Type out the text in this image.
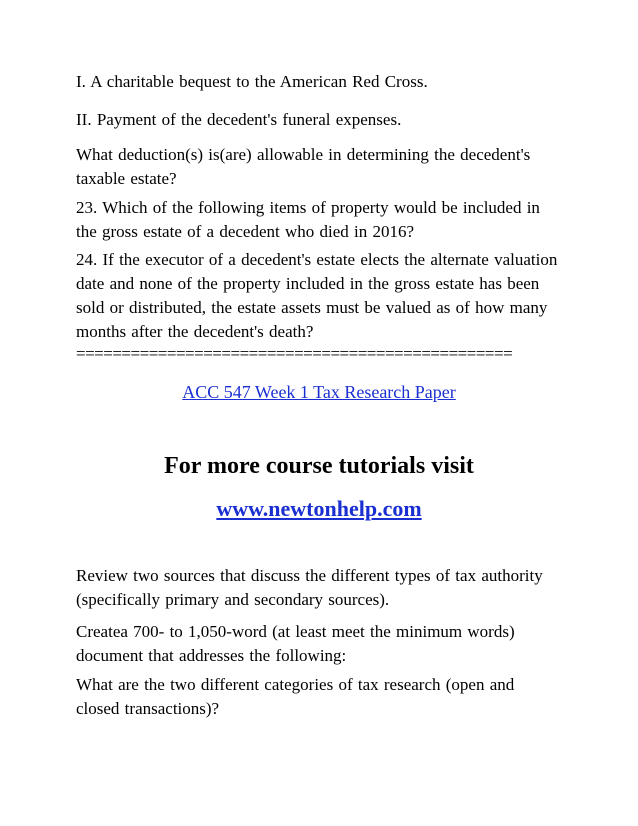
I. A charitable bequest to the American Red Cross.

II. Payment of the decedent's funeral expenses.

What deduction(s) is(are) allowable in determining the decedent's taxable estate?

23. Which of the following items of property would be included in the gross estate of a decedent who died in 2016?

24. If the executor of a decedent's estate elects the alternate valuation date and none of the property included in the gross estate has been sold or distributed, the estate assets must be valued as of how many months after the decedent's death?

================================================

ACC 547 Week 1 Tax Research Paper

For more course tutorials visit

www.newtonhelp.com

Review two sources that discuss the different types of tax authority (specifically primary and secondary sources).

Createa 700- to 1,050-word (at least meet the minimum words) document that addresses the following:

What are the two different categories of tax research (open and closed transactions)?
